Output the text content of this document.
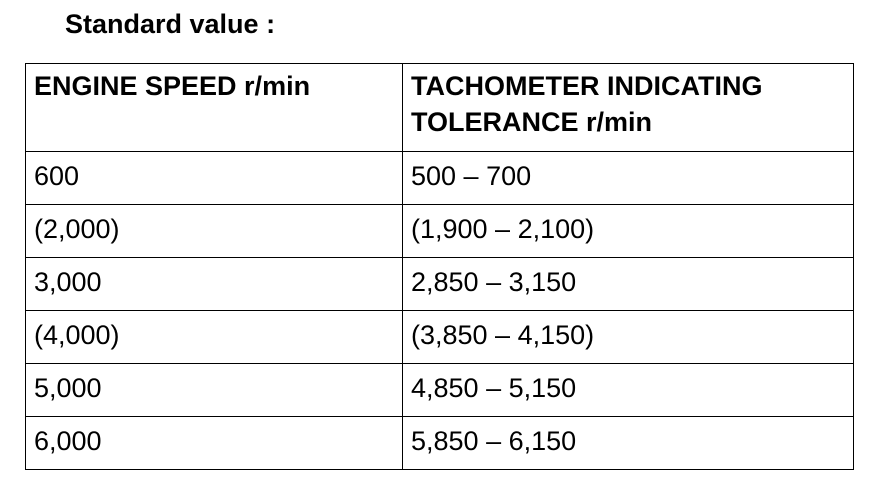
Standard value :
ENGINE SPEED r/min	TACHOMETER INDICATING TOLERANCE r/min

600	500 – 700
(2,000)	(1,900 – 2,100)
3,000	2,850 – 3,150
(4,000)	(3,850 – 4,150)
5,000	4,850 – 5,150
6,000	5,850 – 6,150
